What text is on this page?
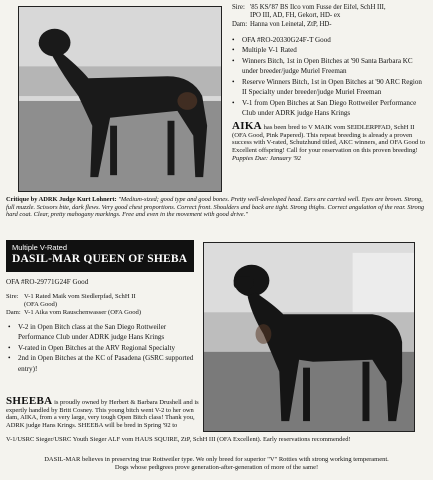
Sire: '85 KS/'87 BS Ilco vom Fusse der Eifel, SchH III,
IPO III, AD, FH, Gekort, HD- ex
Dam: Hanna von Leinetal, ZtP, HD-
• OFA #RO-20330G24F-T Good
• Multiple V-1 Rated
• Winners Bitch, 1st in Open Bitches at '90 Santa Barbara KC under breeder/judge Muriel Freeman
• Reserve Winners Bitch, 1st in Open Bitches at '90 ARC Region II Specialty under breeder/judge Muriel Freeman
• V-1 from Open Bitches at San Diego Rottweiler Performance Club under ADRK judge Hans Krings
AIKA has been bred to V MAIK vom SEIDLERPFAD, SchH II (OFA Good, Pink Papered). This repeat breeding is already a proven success with V-rated, Schutzhund titled, AKC winners, and OFA Good to Excellent offspring! Call for your reservation on this proven breeding!
Puppies Due: January '92
Critique by ADRK Judge Kurt Lohnert: "Medium-sized; good type and good bones. Pretty well-developed head. Ears are carried well. Eyes are brown. Strong, full muzzle. Scissors bite, dark flews. Very good chest proportions. Correct front. Shoulders and back are tight. Strong thighs. Correct angulation of the rear. Strong hard coat. Clear, pretty mahogany markings. Free and even in the movement with good drive."
Multiple V-Rated
DASIL-MAR QUEEN OF SHEBA
OFA #RO-29771G24F Good
Sire: V-1 Rated Maik vom Siedlerpfad, SchH II
(OFA Good)
Dam: V-1 Aika vom Rauschenwasser (OFA Good)
• V-2 in Open Bitch class at the San Diego Rottweiler Performance Club under ADRK judge Hans Krings
• V-rated in Open Bitches at the ARV Regional Specialty
• 2nd in Open Bitches at the KC of Pasadena (GSRC supported entry)!
SHEEBA is proudly owned by Herbert & Barbara Drushell and is expertly handled by Britt Cosney. This young bitch went V-2 to her own dam, AIKA, from a very large, very tough Open Bitch class! Thank you, ADRK judge Hans Krings. SHEEBA will be bred in Spring '92 to
V-1/USRC Sieger/USRC Youth Sieger ALF vom HAUS SQUIRE, ZtP, SchH III (OFA Excellent). Early reservations recommended!
DASIL-MAR believes in preserving true Rottweiler type. We only breed for superior "V" Rotties with strong working temperament.
Dogs whose pedigrees prove generation-after-generation of more of the same!
